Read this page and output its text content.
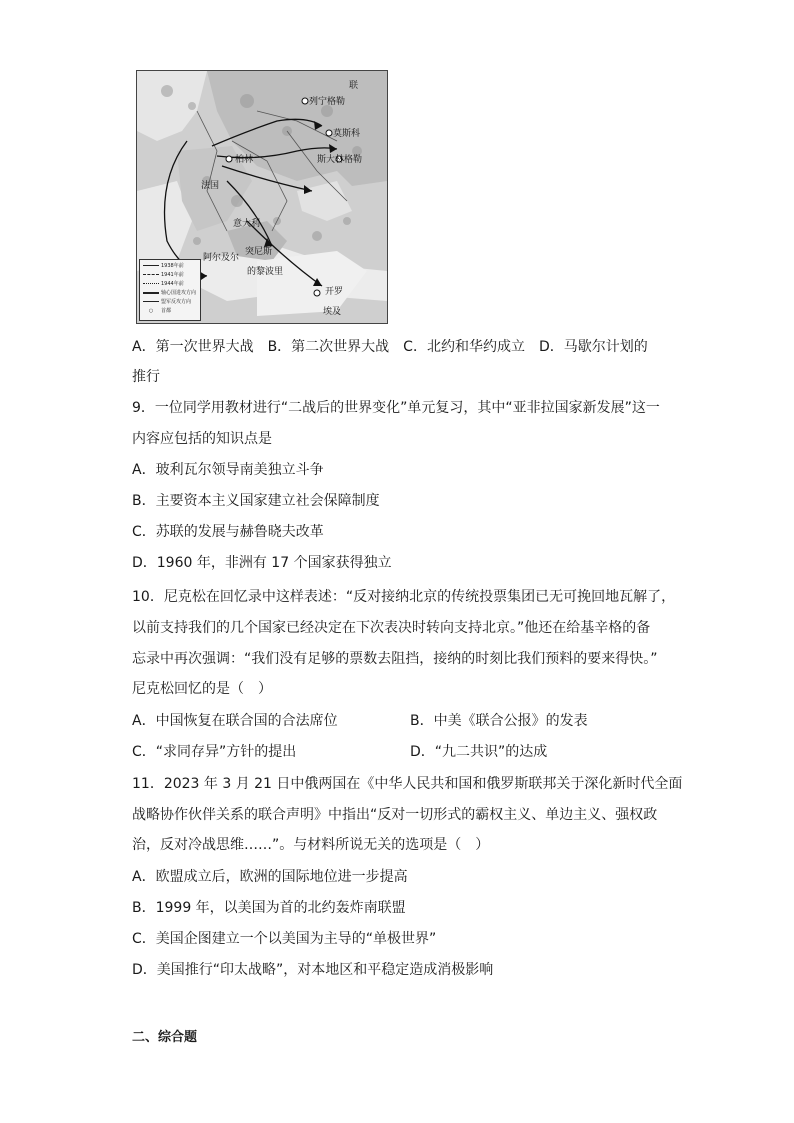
联
莫斯科
列宁格勒
斯大林格勒
柏林
法国
意大利
阿尔及尔
突尼斯
的黎波里
埃及
开罗
1938年前
1941年前
1944年前
轴心国进攻方向
盟军反攻方向
○ 首都
A．第一次世界大战　B．第二次世界大战　C．北约和华约成立　D．马歇尔计划的
推行
9．一位同学用教材进行“二战后的世界变化”单元复习，其中“亚非拉国家新发展”这一
内容应包括的知识点是
A．玻利瓦尔领导南美独立斗争
B．主要资本主义国家建立社会保障制度
C．苏联的发展与赫鲁晓夫改革
D．1960 年，非洲有 17 个国家获得独立
10．尼克松在回忆录中这样表述：“反对接纳北京的传统投票集团已无可挽回地瓦解了，
以前支持我们的几个国家已经决定在下次表决时转向支持北京。”他还在给基辛格的备
忘录中再次强调：“我们没有足够的票数去阻挡，接纳的时刻比我们预料的要来得快。”
尼克松回忆的是（　）
A．中国恢复在联合国的合法席位	B．中美《联合公报》的发表
C．“求同存异”方针的提出	D．“九二共识”的达成
11．2023 年 3 月 21 日中俄两国在《中华人民共和国和俄罗斯联邦关于深化新时代全面
战略协作伙伴关系的联合声明》中指出“反对一切形式的霸权主义、单边主义、强权政
治，反对冷战思维……”。与材料所说无关的选项是（　）
A．欧盟成立后，欧洲的国际地位进一步提高
B．1999 年，以美国为首的北约轰炸南联盟
C．美国企图建立一个以美国为主导的“单极世界”
D．美国推行“印太战略”，对本地区和平稳定造成消极影响
二、综合题
